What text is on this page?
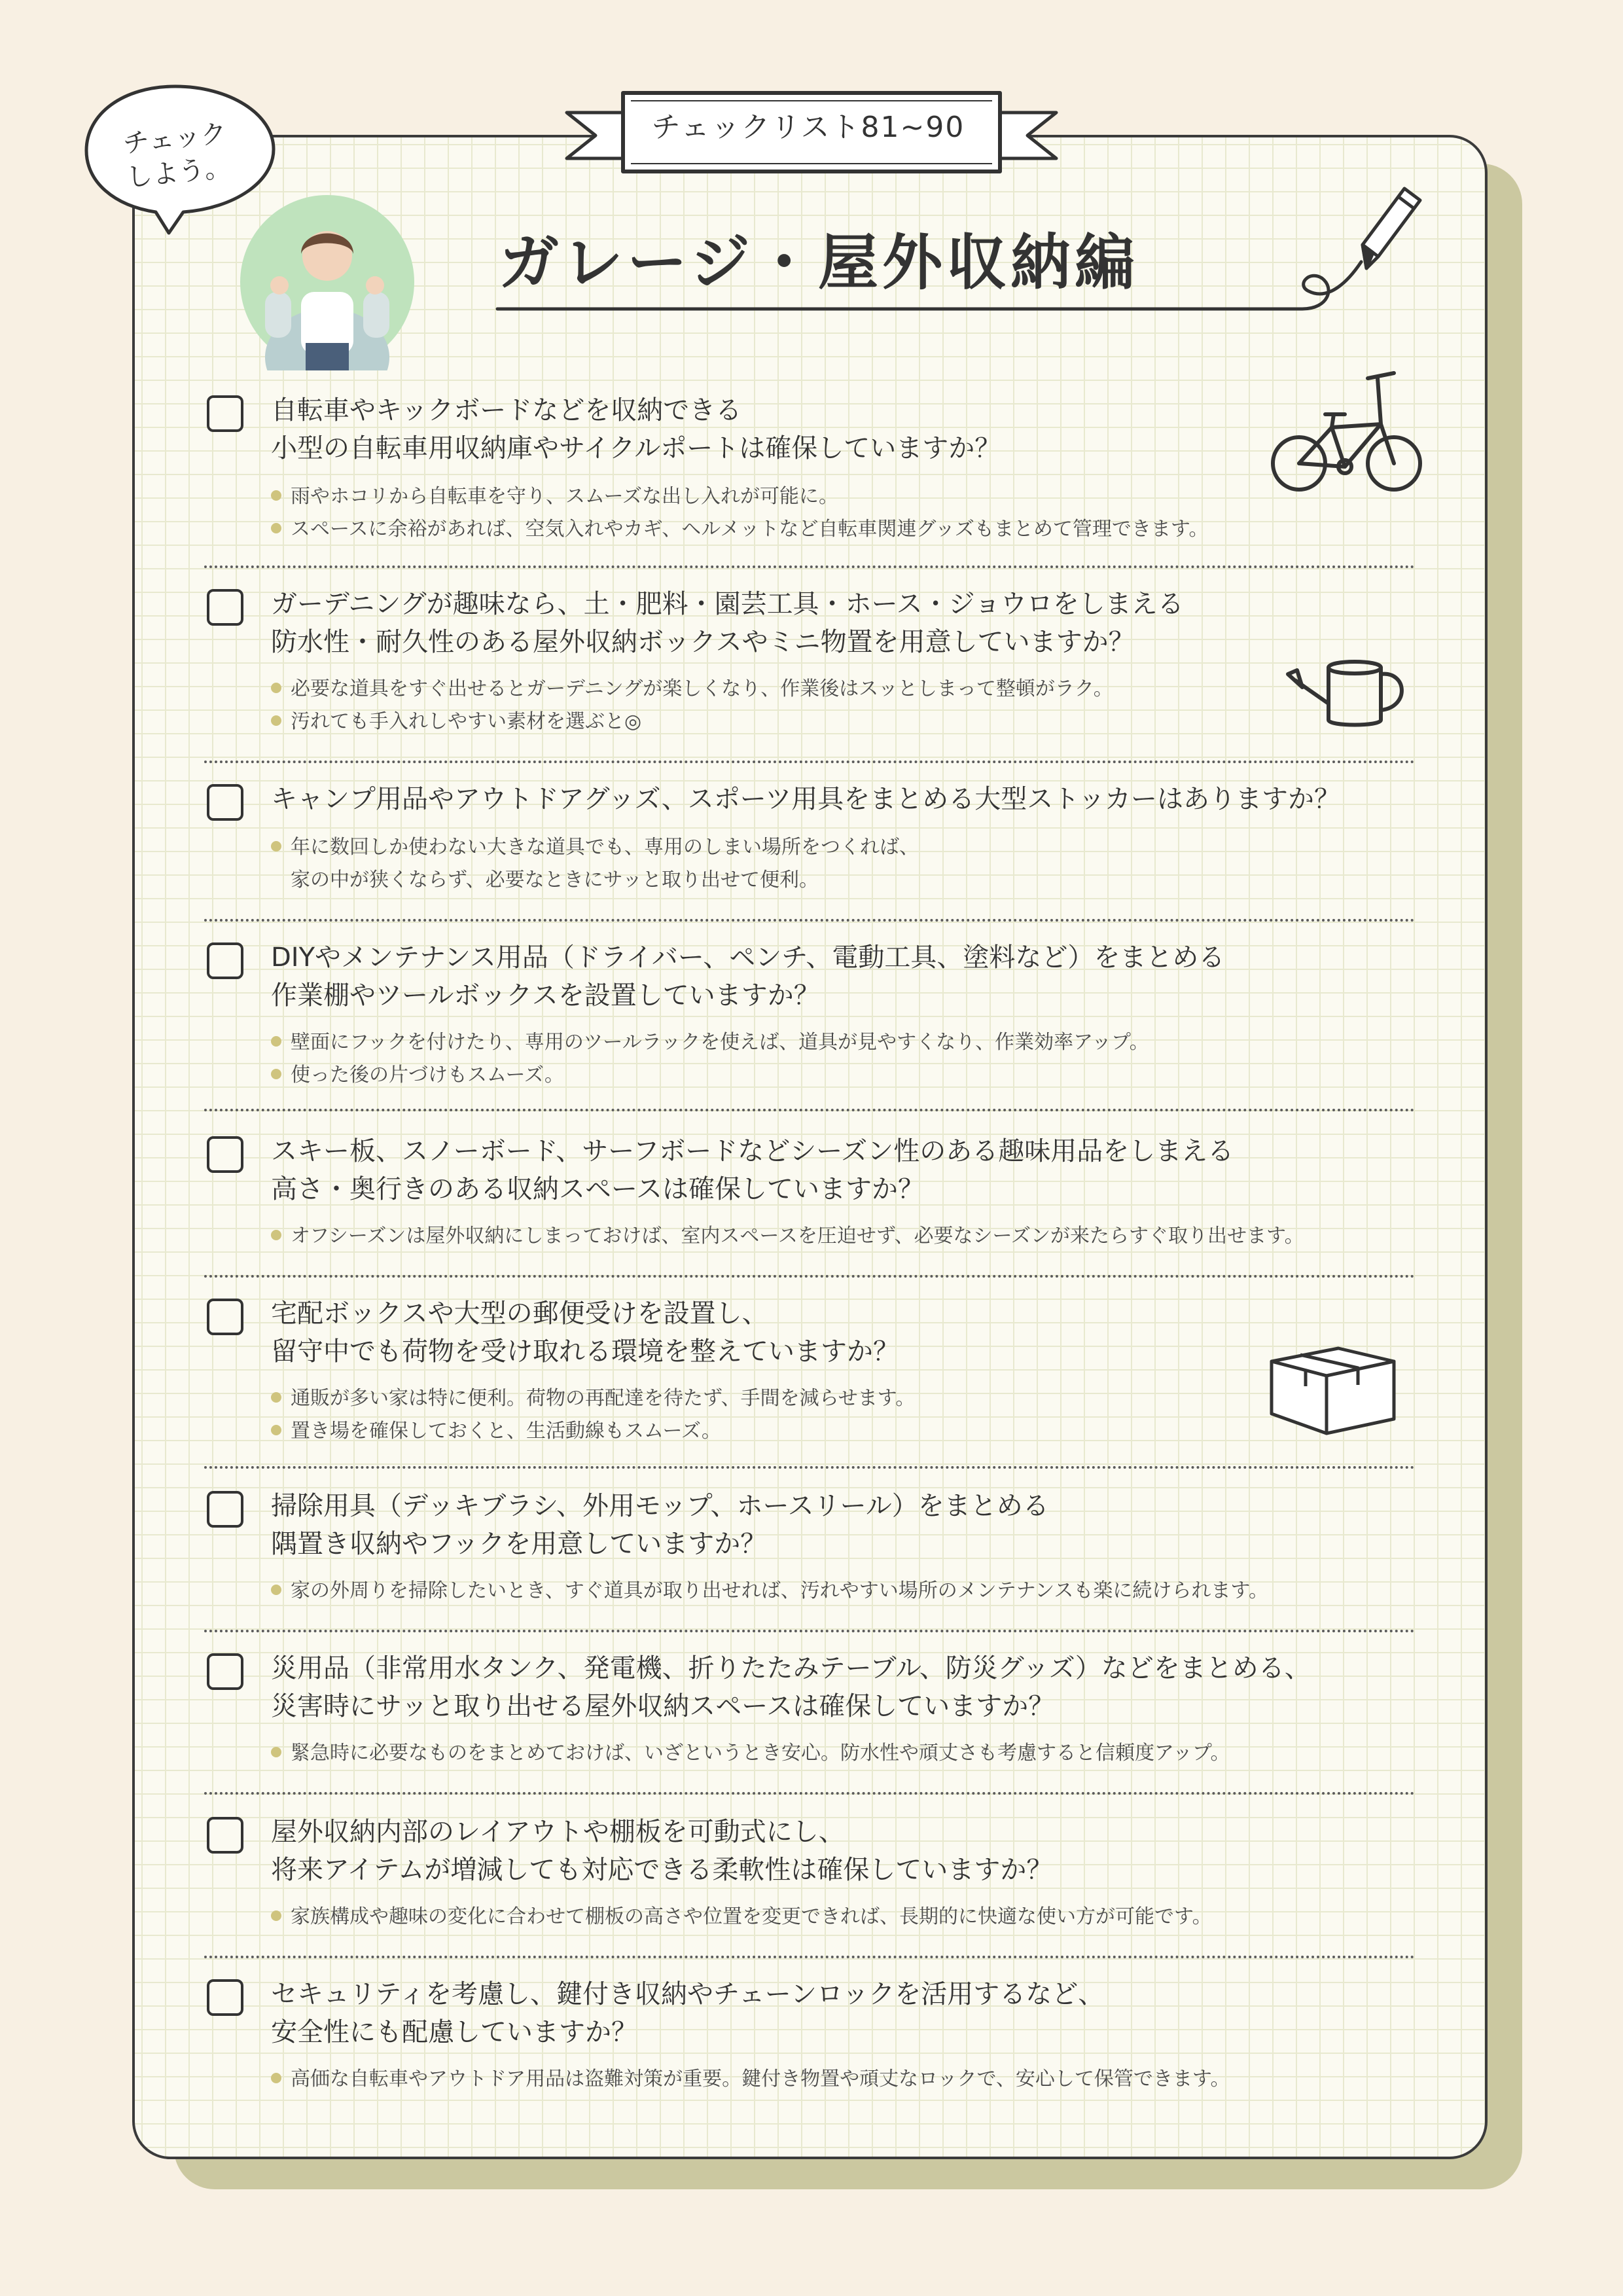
チェック
しよう。
チェックリスト81~90
ガレージ・屋外収納編
自転車やキックボードなどを収納できる
小型の自転車用収納庫やサイクルポートは確保していますか？
雨やホコリから自転車を守り、スムーズな出し入れが可能に。
スペースに余裕があれば、空気入れやカギ、ヘルメットなど自転車関連グッズもまとめて管理できます。
ガーデニングが趣味なら、土・肥料・園芸工具・ホース・ジョウロをしまえる
防水性・耐久性のある屋外収納ボックスやミニ物置を用意していますか？
必要な道具をすぐ出せるとガーデニングが楽しくなり、作業後はスッとしまって整頓がラク。
汚れても手入れしやすい素材を選ぶと◎
キャンプ用品やアウトドアグッズ、スポーツ用具をまとめる大型ストッカーはありますか？
年に数回しか使わない大きな道具でも、専用のしまい場所をつくれば、
家の中が狭くならず、必要なときにサッと取り出せて便利。
DIYやメンテナンス用品（ドライバー、ペンチ、電動工具、塗料など）をまとめる
作業棚やツールボックスを設置していますか？
壁面にフックを付けたり、専用のツールラックを使えば、道具が見やすくなり、作業効率アップ。
使った後の片づけもスムーズ。
スキー板、スノーボード、サーフボードなどシーズン性のある趣味用品をしまえる
高さ・奥行きのある収納スペースは確保していますか？
オフシーズンは屋外収納にしまっておけば、室内スペースを圧迫せず、必要なシーズンが来たらすぐ取り出せます。
宅配ボックスや大型の郵便受けを設置し、
留守中でも荷物を受け取れる環境を整えていますか？
通販が多い家は特に便利。荷物の再配達を待たず、手間を減らせます。
置き場を確保しておくと、生活動線もスムーズ。
掃除用具（デッキブラシ、外用モップ、ホースリール）をまとめる
隅置き収納やフックを用意していますか？
家の外周りを掃除したいとき、すぐ道具が取り出せれば、汚れやすい場所のメンテナンスも楽に続けられます。
災用品（非常用水タンク、発電機、折りたたみテーブル、防災グッズ）などをまとめる、
災害時にサッと取り出せる屋外収納スペースは確保していますか？
緊急時に必要なものをまとめておけば、いざというとき安心。防水性や頑丈さも考慮すると信頼度アップ。
屋外収納内部のレイアウトや棚板を可動式にし、
将来アイテムが増減しても対応できる柔軟性は確保していますか？
家族構成や趣味の変化に合わせて棚板の高さや位置を変更できれば、長期的に快適な使い方が可能です。
セキュリティを考慮し、鍵付き収納やチェーンロックを活用するなど、
安全性にも配慮していますか？
高価な自転車やアウトドア用品は盗難対策が重要。鍵付き物置や頑丈なロックで、安心して保管できます。
